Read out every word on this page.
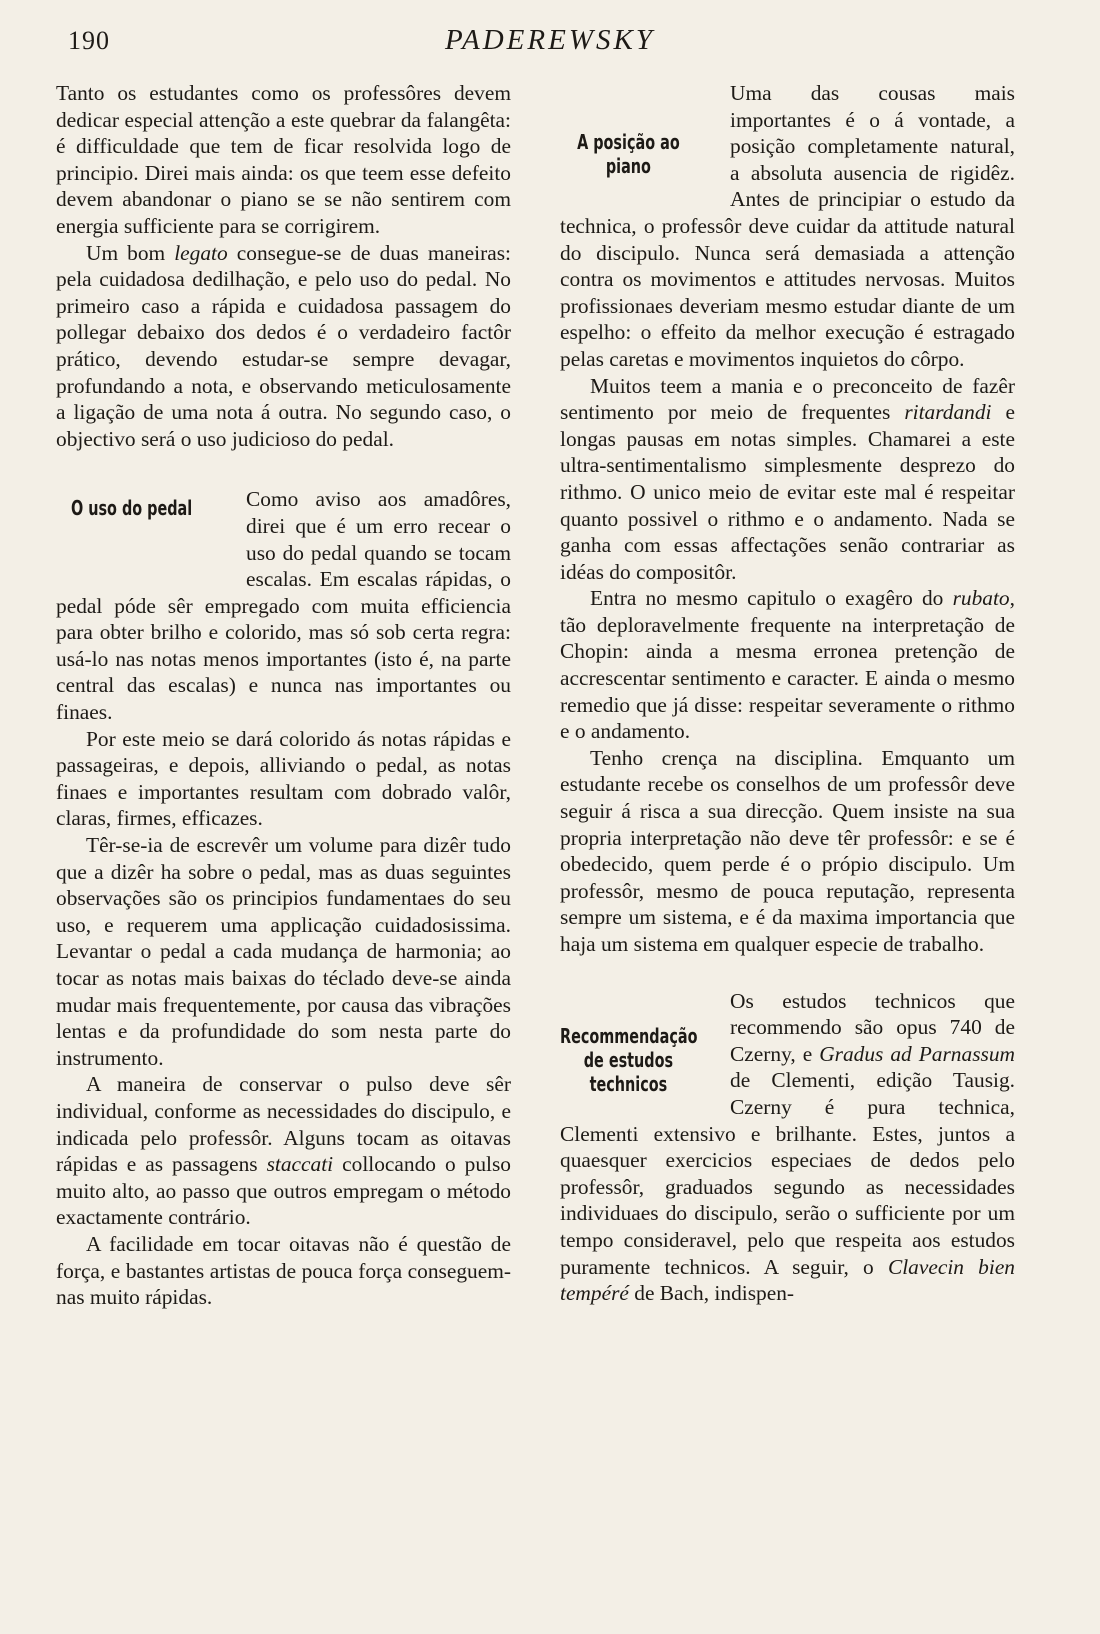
190	PADEREWSKY

Tanto os estudantes como os professôres devem dedicar especial attenção a este quebrar da falangêta: é difficuldade que tem de ficar resolvida logo de principio. Direi mais ainda: os que teem esse defeito devem abandonar o piano se se não sentirem com energia sufficiente para se corrigirem.

Um bom legato consegue-se de duas maneiras: pela cuidadosa dedilhação, e pelo uso do pedal. No primeiro caso a rápida e cuidadosa passagem do pollegar debaixo dos dedos é o verdadeiro factôr prático, devendo estudar-se sempre devagar, profundando a nota, e observando meticulosamente a ligação de uma nota á outra. No segundo caso, o objectivo será o uso judicioso do pedal.

O uso do pedal	Como aviso aos amadôres, direi que é um erro recear o uso do pedal quando se tocam escalas. Em escalas rápidas, o pedal póde sêr empregado com muita efficiencia para obter brilho e colorido, mas só sob certa regra: usá-lo nas notas menos importantes (isto é, na parte central das escalas) e nunca nas importantes ou finaes.

Por este meio se dará colorido ás notas rápidas e passageiras, e depois, alliviando o pedal, as notas finaes e importantes resultam com dobrado valôr, claras, firmes, efficazes.

Têr-se-ia de escrevêr um volume para dizêr tudo que a dizêr ha sobre o pedal, mas as duas seguintes observações são os principios fundamentaes do seu uso, e requerem uma applicação cuidadosissima. Levantar o pedal a cada mudança de harmonia; ao tocar as notas mais baixas do téclado deve-se ainda mudar mais frequentemente, por causa das vibrações lentas e da profundidade do som nesta parte do instrumento.

A maneira de conservar o pulso deve sêr individual, conforme as necessidades do discipulo, e indicada pelo professôr. Alguns tocam as oitavas rápidas e as passagens staccati collocando o pulso muito alto, ao passo que outros empregam o método exactamente contrário.

A facilidade em tocar oitavas não é questão de força, e bastantes artistas de pouca força conseguem-nas muito rápidas.

A posição ao piano

Uma das cousas mais importantes é o á vontade, a posição completamente natural, a absoluta ausencia de rigidêz. Antes de principiar o estudo da technica, o professôr deve cuidar da attitude natural do discipulo. Nunca será demasiada a attenção contra os movimentos e attitudes nervosas. Muitos profissionaes deveriam mesmo estudar diante de um espelho: o effeito da melhor execução é estragado pelas caretas e movimentos inquietos do côrpo.

Muitos teem a mania e o preconceito de fazêr sentimento por meio de frequentes ritardandi e longas pausas em notas simples. Chamarei a este ultra-sentimentalismo simplesmente desprezo do rithmo. O unico meio de evitar este mal é respeitar quanto possivel o rithmo e o andamento. Nada se ganha com essas affectações senão contrariar as idéas do compositôr.

Entra no mesmo capitulo o exagêro do rubato, tão deploravelmente frequente na interpretação de Chopin: ainda a mesma erronea pretenção de accrescentar sentimento e caracter. E ainda o mesmo remedio que já disse: respeitar severamente o rithmo e o andamento.

Tenho crença na disciplina. Emquanto um estudante recebe os conselhos de um professôr deve seguir á risca a sua direcção. Quem insiste na sua propria interpretação não deve têr professôr: e se é obedecido, quem perde é o própio discipulo. Um professôr, mesmo de pouca reputação, representa sempre um sistema, e é da maxima importancia que haja um sistema em qualquer especie de trabalho.

Recommendação
de estudos technicos

Os estudos technicos que recommendo são opus 740 de Czerny, e Gradus ad Parnassum de Clementi, edição Tausig. Czerny é pura technica, Clementi extensivo e brilhante. Estes, juntos a quaesquer exercicios especiaes de dedos pelo professôr, graduados segundo as necessidades individuaes do discipulo, serão o sufficiente por um tempo consideravel, pelo que respeita aos estudos puramente technicos. A seguir, o Clavecin bien tempéré de Bach, indispen-
